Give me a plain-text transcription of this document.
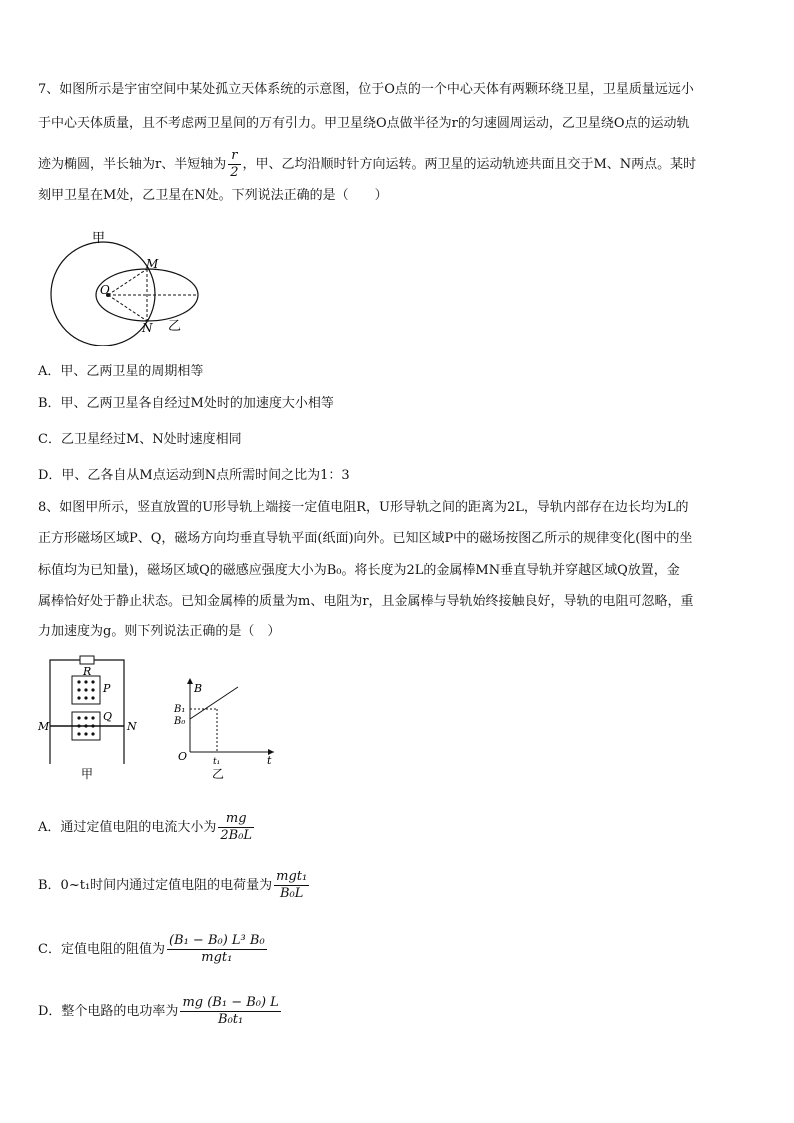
7、如图所示是宇宙空间中某处孤立天体系统的示意图，位于O点的一个中心天体有两颗环绕卫星，卫星质量远远小
于中心天体质量，且不考虑两卫星间的万有引力。甲卫星绕O点做半径为r的匀速圆周运动，乙卫星绕O点的运动轨
迹为椭圆，半长轴为r、半短轴为 $\frac{r}{2}$ ，甲、乙均沿顺时针方向运转。两卫星的运动轨迹共面且交于M、N两点。某时
刻甲卫星在M处，乙卫星在N处。下列说法正确的是（　　）
甲
M
O
N 乙
A．甲、乙两卫星的周期相等
B．甲、乙两卫星各自经过M处时的加速度大小相等
C．乙卫星经过M、N处时速度相同
D．甲、乙各自从M点运动到N点所需时间之比为1：3
8、如图甲所示，竖直放置的U形导轨上端接一定值电阻R，U形导轨之间的距离为2L，导轨内部存在边长均为L的
正方形磁场区域P、Q，磁场方向均垂直导轨平面(纸面)向外。已知区域P中的磁场按图乙所示的规律变化(图中的坐
标值均为已知量)，磁场区域Q的磁感应强度大小为B₀。将长度为2L的金属棒MN垂直导轨并穿越区域Q放置，金
属棒恰好处于静止状态。已知金属棒的质量为m、电阻为r，且金属棒与导轨始终接触良好，导轨的电阻可忽略，重
力加速度为g。则下列说法正确的是（　）
R
P
Q
M	N
甲
B
B₁
B₀
O	t₁	t
乙
A．通过定值电阻的电流大小为 $\frac{mg}{\text{2B₀L}}$
B．0~t₁时间内通过定值电阻的电荷量为 $\frac{\text{mgt₁}}{\text{B₀L}}$
C．定值电阻的阻值为 $\frac{\text{(B₁ − B₀) L³ B₀}}{\text{mgt₁}}$
D．整个电路的电功率为 $\frac{\text{mg (B₁ − B₀) L}}{\text{B₀t₁}}$
